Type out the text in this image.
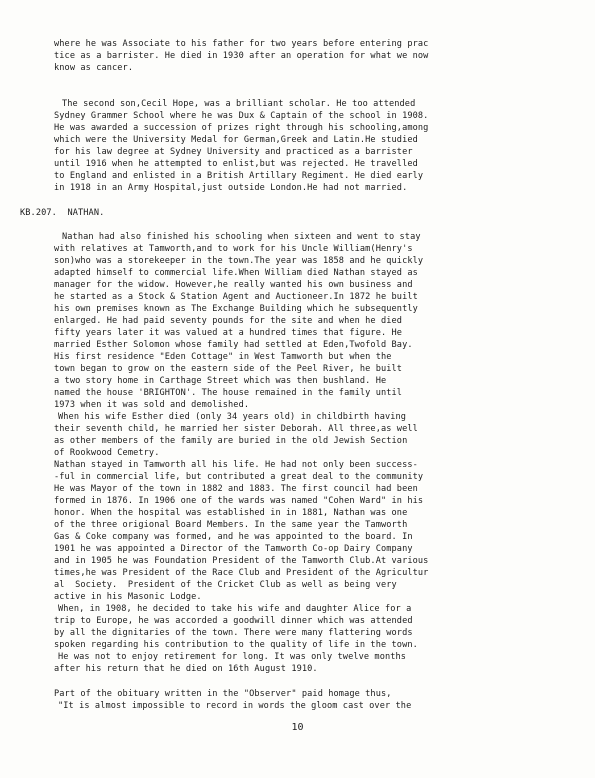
where he was Associate to his father for two years before entering prac
tice as a barrister. He died in 1930 after an operation for what we now
know as cancer.
The second son,Cecil Hope, was a brilliant scholar. He too attended
Sydney Grammer School where he was Dux & Captain of the school in 1908.
He was awarded a succession of prizes right through his schooling,among
which were the University Medal for German,Greek and Latin.He studied
for his law degree at Sydney University and practiced as a barrister
until 1916 when he attempted to enlist,but was rejected. He travelled
to England and enlisted in a British Artillary Regiment. He died early
in 1918 in an Army Hospital,just outside London.He had not married.
KB.207.  NATHAN.
Nathan had also finished his schooling when sixteen and went to stay
with relatives at Tamworth,and to work for his Uncle William(Henry's
son)who was a storekeeper in the town.The year was 1858 and he quickly
adapted himself to commercial life.When William died Nathan stayed as
manager for the widow. However,he really wanted his own business and
he started as a Stock & Station Agent and Auctioneer.In 1872 he built
his own premises known as The Exchange Building which he subsequently
enlarged. He had paid seventy pounds for the site and when he died
fifty years later it was valued at a hundred times that figure. He
married Esther Solomon whose family had settled at Eden,Twofold Bay.
His first residence "Eden Cottage" in West Tamworth but when the
town began to grow on the eastern side of the Peel River, he built
a two story home in Carthage Street which was then bushland. He
named the house 'BRIGHTON'. The house remained in the family until
1973 when it was sold and demolished.
When his wife Esther died (only 34 years old) in childbirth having
their seventh child, he married her sister Deborah. All three,as well
as other members of the family are buried in the old Jewish Section
of Rookwood Cemetry.
Nathan stayed in Tamworth all his life. He had not only been success-
-ful in commercial life, but contributed a great deal to the community
He was Mayor of the town in 1882 and 1883. The first council had been
formed in 1876. In 1906 one of the wards was named "Cohen Ward" in his
honor. When the hospital was established in in 1881, Nathan was one
of the three origional Board Members. In the same year the Tamworth
Gas & Coke company was formed, and he was appointed to the board. In
1901 he was appointed a Director of the Tamworth Co-op Dairy Company
and in 1905 he was Foundation President of the Tamworth Club.At various
times,he was President of the Race Club and President of the Agricultur
al  Society.  President of the Cricket Club as well as being very
active in his Masonic Lodge.
When, in 1908, he decided to take his wife and daughter Alice for a
trip to Europe, he was accorded a goodwill dinner which was attended
by all the dignitaries of the town. There were many flattering words
spoken regarding his contribution to the quality of life in the town.
He was not to enjoy retirement for long. It was only twelve months
after his return that he died on 16th August 1910.
Part of the obituary written in the "Observer" paid homage thus,
"It is almost impossible to record in words the gloom cast over the
10
